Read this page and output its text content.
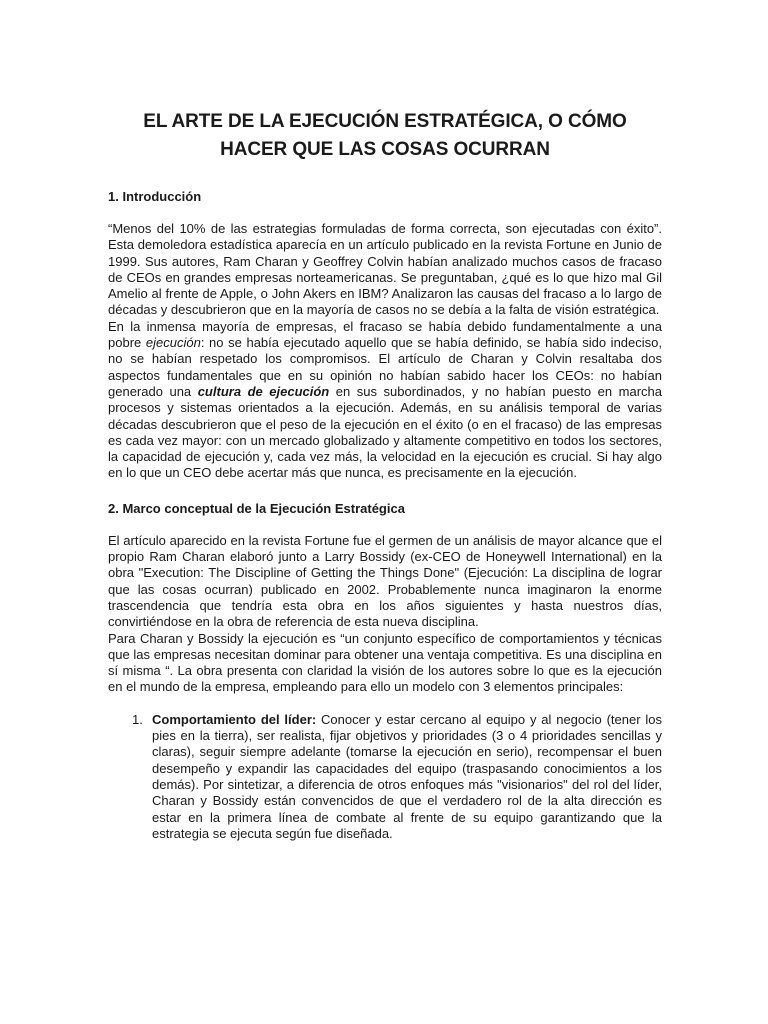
EL ARTE DE LA EJECUCIÓN ESTRATÉGICA, O CÓMO HACER QUE LAS COSAS OCURRAN
1. Introducción

“Menos del 10% de las estrategias formuladas de forma correcta, son ejecutadas con éxito”. Esta demoledora estadística aparecía en un artículo publicado en la revista Fortune en Junio de 1999. Sus autores, Ram Charan y Geoffrey Colvin habían analizado muchos casos de fracaso de CEOs en grandes empresas norteamericanas. Se preguntaban, ¿qué es lo que hizo mal Gil Amelio al frente de Apple, o John Akers en IBM? Analizaron las causas del fracaso a lo largo de décadas y descubrieron que en la mayoría de casos no se debía a la falta de visión estratégica.

En la inmensa mayoría de empresas, el fracaso se había debido fundamentalmente a una pobre ejecución: no se había ejecutado aquello que se había definido, se había sido indeciso, no se habían respetado los compromisos. El artículo de Charan y Colvin resaltaba dos aspectos fundamentales que en su opinión no habían sabido hacer los CEOs: no habían generado una cultura de ejecución en sus subordinados, y no habían puesto en marcha procesos y sistemas orientados a la ejecución. Además, en su análisis temporal de varias décadas descubrieron que el peso de la ejecución en el éxito (o en el fracaso) de las empresas es cada vez mayor: con un mercado globalizado y altamente competitivo en todos los sectores, la capacidad de ejecución y, cada vez más, la velocidad en la ejecución es crucial. Si hay algo en lo que un CEO debe acertar más que nunca, es precisamente en la ejecución.

2. Marco conceptual de la Ejecución Estratégica

El artículo aparecido en la revista Fortune fue el germen de un análisis de mayor alcance que el propio Ram Charan elaboró junto a Larry Bossidy (ex-CEO de Honeywell International) en la obra "Execution: The Discipline of Getting the Things Done" (Ejecución: La disciplina de lograr que las cosas ocurran) publicado en 2002. Probablemente nunca imaginaron la enorme trascendencia que tendría esta obra en los años siguientes y hasta nuestros días, convirtiéndose en la obra de referencia de esta nueva disciplina.

Para Charan y Bossidy la ejecución es “un conjunto específico de comportamientos y técnicas que las empresas necesitan dominar para obtener una ventaja competitiva. Es una disciplina en sí misma “. La obra presenta con claridad la visión de los autores sobre lo que es la ejecución en el mundo de la empresa, empleando para ello un modelo con 3 elementos principales:

1. Comportamiento del líder: Conocer y estar cercano al equipo y al negocio (tener los pies en la tierra), ser realista, fijar objetivos y prioridades (3 o 4 prioridades sencillas y claras), seguir siempre adelante (tomarse la ejecución en serio), recompensar el buen desempeño y expandir las capacidades del equipo (traspasando conocimientos a los demás). Por sintetizar, a diferencia de otros enfoques más "visionarios" del rol del líder, Charan y Bossidy están convencidos de que el verdadero rol de la alta dirección es estar en la primera línea de combate al frente de su equipo garantizando que la estrategia se ejecuta según fue diseñada.
